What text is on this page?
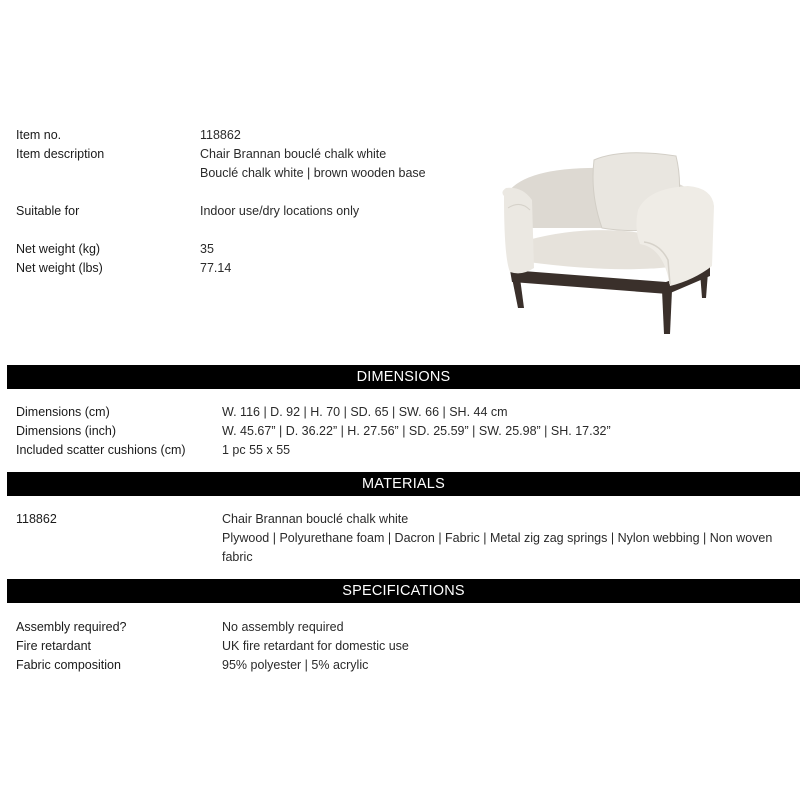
Item no.	118862
Item description	Chair Brannan bouclé chalk white
Bouclé chalk white | brown wooden base
Suitable for	Indoor use/dry locations only
Net weight (kg)	35
Net weight (lbs)	77.14
DIMENSIONS
Dimensions (cm)	W. 116 | D. 92 | H. 70 | SD. 65 | SW. 66 | SH. 44 cm
Dimensions (inch)	W. 45.67” | D. 36.22” | H. 27.56” | SD. 25.59” | SW. 25.98” | SH. 17.32”
Included scatter cushions (cm)	1 pc 55 x 55
MATERIALS
118862	Chair Brannan bouclé chalk white
Plywood | Polyurethane foam | Dacron | Fabric | Metal zig zag springs | Nylon webbing | Non woven fabric
SPECIFICATIONS
Assembly required?	No assembly required
Fire retardant	UK fire retardant for domestic use
Fabric composition	95% polyester | 5% acrylic
